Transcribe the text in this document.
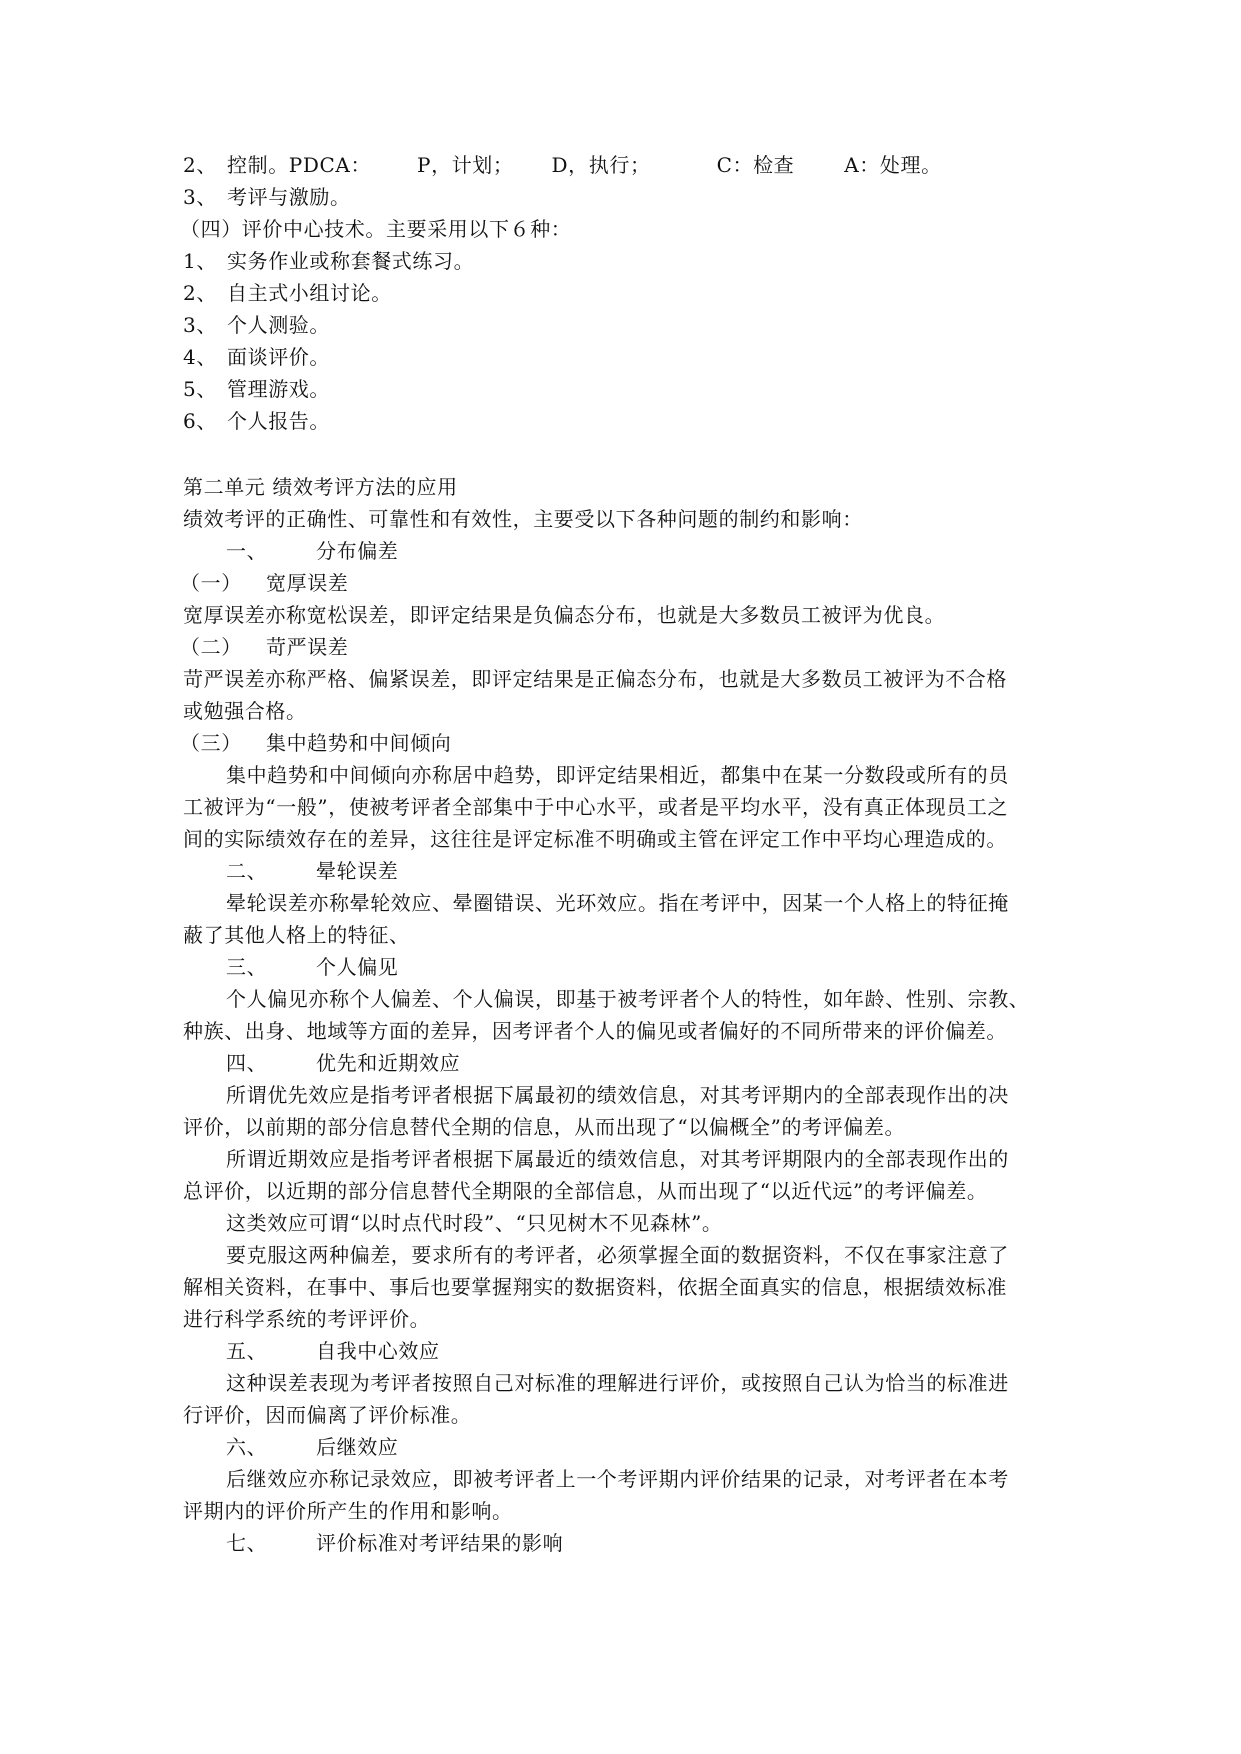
2、 控制。PDCA： P，计划； D，执行；	C：检查	A：处理。
3、 考评与激励。
（四）评价中心技术。主要采用以下６种：
1、 实务作业或称套餐式练习。
2、 自主式小组讨论。
3、 个人测验。
4、 面谈评价。
5、 管理游戏。
6、 个人报告。
第二单元 绩效考评方法的应用
绩效考评的正确性、可靠性和有效性，主要受以下各种问题的制约和影响：
一、 分布偏差
（一） 宽厚误差
宽厚误差亦称宽松误差，即评定结果是负偏态分布，也就是大多数员工被评为优良。
（二） 苛严误差
苛严误差亦称严格、偏紧误差，即评定结果是正偏态分布，也就是大多数员工被评为不合格
或勉强合格。
（三） 集中趋势和中间倾向
集中趋势和中间倾向亦称居中趋势，即评定结果相近，都集中在某一分数段或所有的员
工被评为“一般”，使被考评者全部集中于中心水平，或者是平均水平，没有真正体现员工之
间的实际绩效存在的差异，这往往是评定标准不明确或主管在评定工作中平均心理造成的。
二、 晕轮误差
晕轮误差亦称晕轮效应、晕圈错误、光环效应。指在考评中，因某一个人格上的特征掩
蔽了其他人格上的特征、
三、 个人偏见
个人偏见亦称个人偏差、个人偏误，即基于被考评者个人的特性，如年龄、性别、宗教、
种族、出身、地域等方面的差异，因考评者个人的偏见或者偏好的不同所带来的评价偏差。
四、 优先和近期效应
所谓优先效应是指考评者根据下属最初的绩效信息，对其考评期内的全部表现作出的决
评价，以前期的部分信息替代全期的信息，从而出现了“以偏概全”的考评偏差。
所谓近期效应是指考评者根据下属最近的绩效信息，对其考评期限内的全部表现作出的
总评价，以近期的部分信息替代全期限的全部信息，从而出现了“以近代远”的考评偏差。
这类效应可谓“以时点代时段”、“只见树木不见森林”。
要克服这两种偏差，要求所有的考评者，必须掌握全面的数据资料，不仅在事家注意了
解相关资料，在事中、事后也要掌握翔实的数据资料，依据全面真实的信息，根据绩效标准
进行科学系统的考评评价。
五、 自我中心效应
这种误差表现为考评者按照自己对标准的理解进行评价，或按照自己认为恰当的标准进
行评价，因而偏离了评价标准。
六、 后继效应
后继效应亦称记录效应，即被考评者上一个考评期内评价结果的记录，对考评者在本考
评期内的评价所产生的作用和影响。
七、 评价标准对考评结果的影响
